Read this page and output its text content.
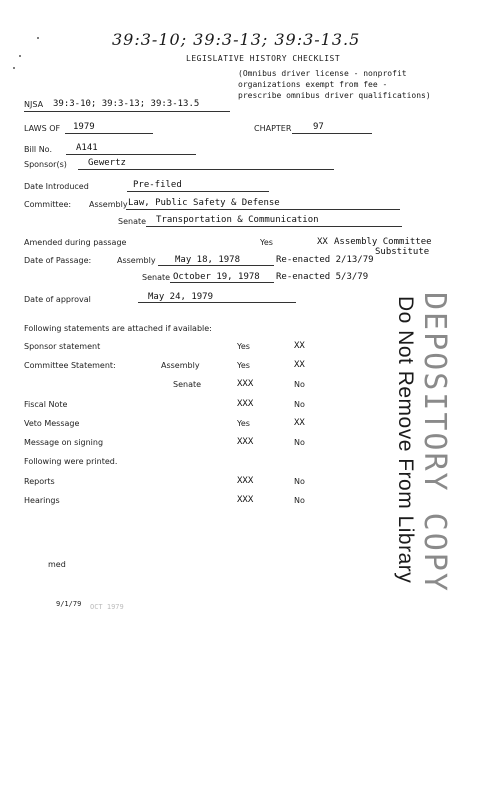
39:3-10; 39:3-13; 39:3-13.5
LEGISLATIVE HISTORY CHECKLIST
(Omnibus driver license - nonprofit
organizations exempt from fee -
prescribe omnibus driver qualifications)
NJSA 39:3-10; 39:3-13; 39:3-13.5
LAWS OF 1979	CHAPTER 97
Bill No.	A141
Sponsor(s) Gewertz
Date Introduced	Pre-filed
Committee: Assembly Law, Public Safety & Defense
Senate Transportation & Communication
Amended during passage	Yes	XX Assembly Committee
Substitute
Date of Passage:	Assembly May 18, 1978	Re-enacted 2/13/79
Senate October 19, 1978 Re-enacted 5/3/79
Date of approval	May 24, 1979
Following statements are attached if available:
Sponsor statement	Yes	XX
Committee Statement:	Assembly	Yes	XX
Senate	XXX	No
Fiscal Note	XXX	No
Veto Message	Yes	XX
Message on signing	XXX	No
Following were printed.
Reports	XXX	No
Hearings	XXX	No	DEPOSITORY COPY
Do Not Remove From Library
med
9/1/79 OCT 1979
